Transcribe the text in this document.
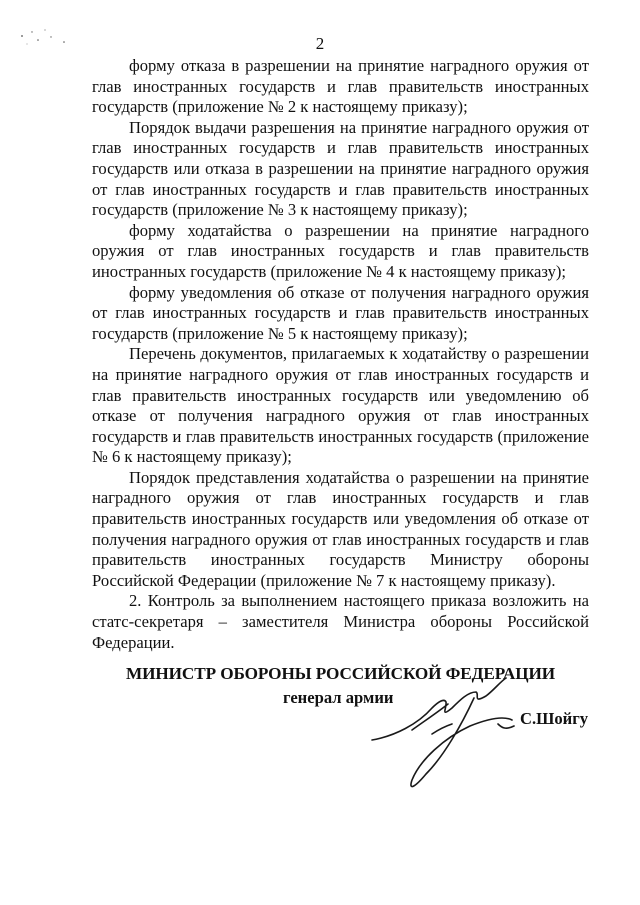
2

форму отказа в разрешении на принятие наградного оружия от глав иностранных государств и глав правительств иностранных государств (приложение № 2 к настоящему приказу);

Порядок выдачи разрешения на принятие наградного оружия от глав иностранных государств и глав правительств иностранных государств или отказа в разрешении на принятие наградного оружия от глав иностранных государств и глав правительств иностранных государств (приложение № 3 к настоящему приказу);

форму ходатайства о разрешении на принятие наградного оружия от глав иностранных государств и глав правительств иностранных государств (приложение № 4 к настоящему приказу);

форму уведомления об отказе от получения наградного оружия от глав иностранных государств и глав правительств иностранных государств (приложение № 5 к настоящему приказу);

Перечень документов, прилагаемых к ходатайству о разрешении на принятие наградного оружия от глав иностранных государств и глав правительств иностранных государств или уведомлению об отказе от получения наградного оружия от глав иностранных государств и глав правительств иностранных государств (приложение № 6 к настоящему приказу);

Порядок представления ходатайства о разрешении на принятие наградного оружия от глав иностранных государств и глав правительств иностранных государств или уведомления об отказе от получения наградного оружия от глав иностранных государств и глав правительств иностранных государств Министру обороны Российской Федерации (приложение № 7 к настоящему приказу).

2. Контроль за выполнением настоящего приказа возложить на статс-секретаря – заместителя Министра обороны Российской Федерации.

МИНИСТР ОБОРОНЫ РОССИЙСКОЙ ФЕДЕРАЦИИ
генерал армии
С.Шойгу
